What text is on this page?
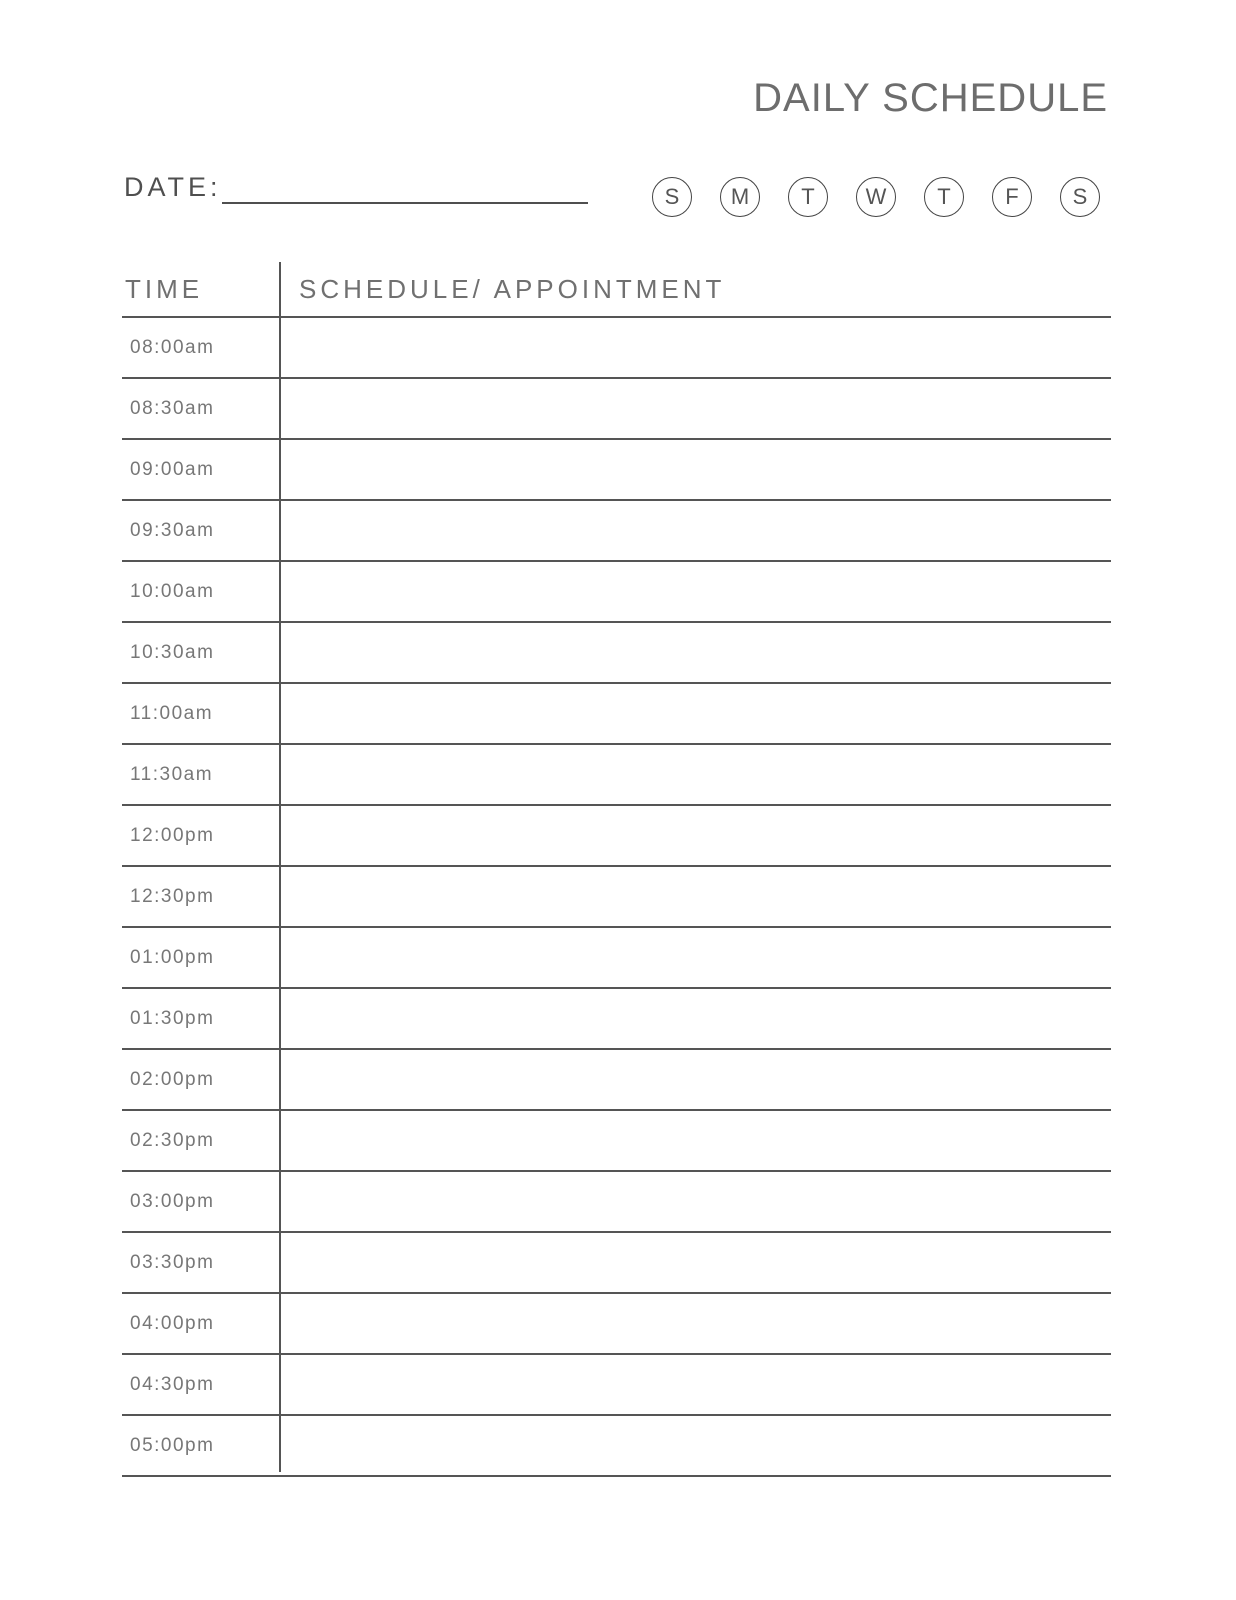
DAILY SCHEDULE
DATE:	S	M	T	W	T	F	S
TIME	SCHEDULE/ APPOINTMENT
08:00am
08:30am
09:00am
09:30am
10:00am
10:30am
11:00am
11:30am
12:00pm
12:30pm
01:00pm
01:30pm
02:00pm
02:30pm
03:00pm
03:30pm
04:00pm
04:30pm
05:00pm
